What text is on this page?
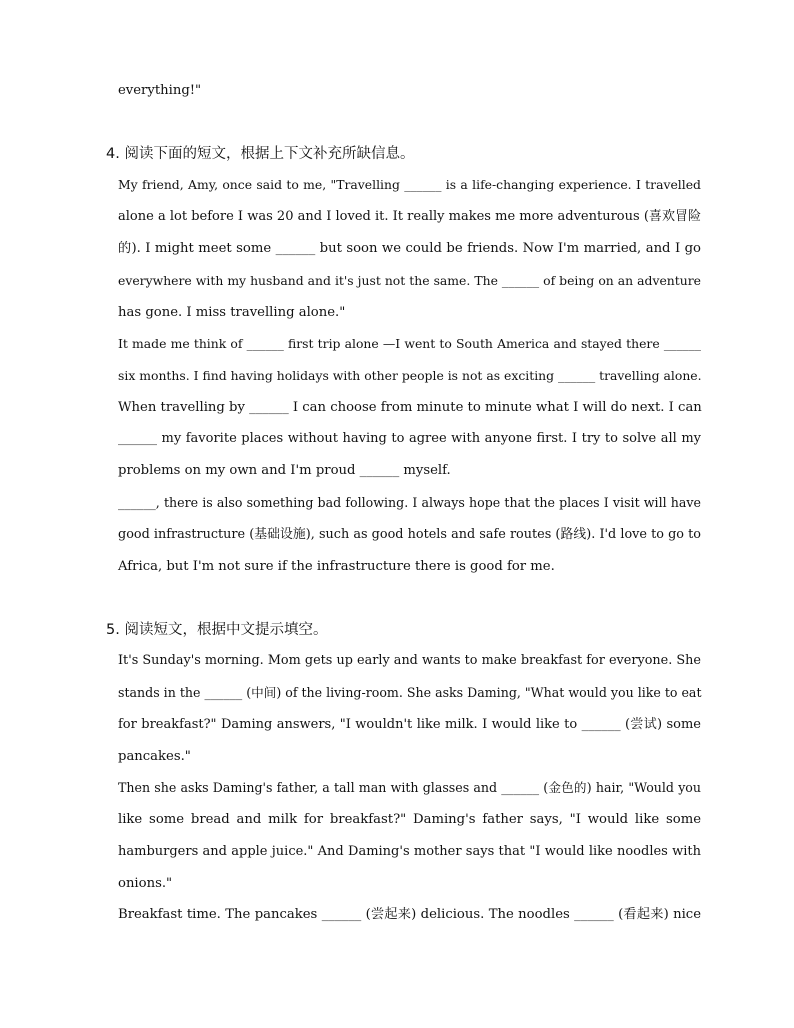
everything!"
4. 阅读下面的短文，根据上下文补充所缺信息。
My friend, Amy, once said to me, "Travelling ______ is a life-changing experience. I travelled
alone a lot before I was 20 and I loved it. It really makes me more adventurous (喜欢冒险
的). I might meet some ______ but soon we could be friends. Now I'm married, and I go
everywhere with my husband and it's just not the same. The ______ of being on an adventure
has gone. I miss travelling alone."
It made me think of ______ first trip alone —I went to South America and stayed there ______
six months. I find having holidays with other people is not as exciting ______ travelling alone.
When travelling by ______ I can choose from minute to minute what I will do next. I can
______ my favorite places without having to agree with anyone first. I try to solve all my
problems on my own and I'm proud ______ myself.
______, there is also something bad following. I always hope that the places I visit will have
good infrastructure (基础设施), such as good hotels and safe routes (路线). I'd love to go to
Africa, but I'm not sure if the infrastructure there is good for me.
5. 阅读短文，根据中文提示填空。
It's Sunday's morning. Mom gets up early and wants to make breakfast for everyone. She
stands in the ______ (中间) of the living-room. She asks Daming, "What would you like to eat
for breakfast?" Daming answers, "I wouldn't like milk. I would like to ______ (尝试) some
pancakes."
Then she asks Daming's father, a tall man with glasses and ______ (金色的) hair, "Would you
like some bread and milk for breakfast?" Daming's father says, "I would like some
hamburgers and apple juice." And Daming's mother says that "I would like noodles with
onions."
Breakfast time. The pancakes ______ (尝起来) delicious. The noodles ______ (看起来) nice
